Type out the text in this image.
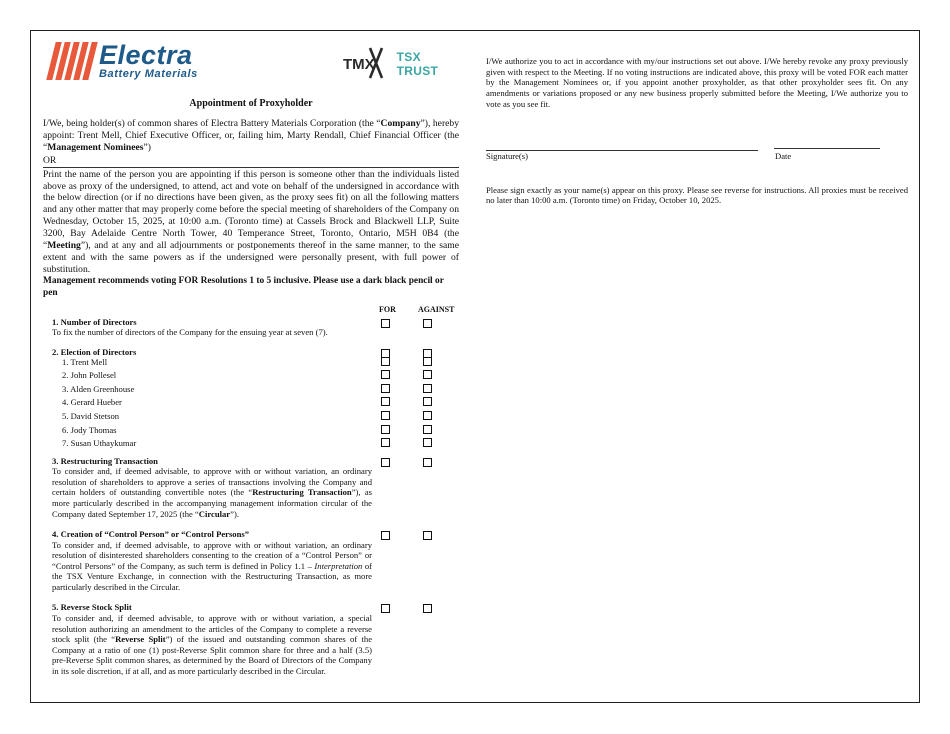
Electra
Battery Materials
TMX TSX TRUST
Appointment of Proxyholder
I/We, being holder(s) of common shares of Electra Battery Materials Corporation (the “Company”), hereby appoint: Trent Mell, Chief Executive Officer, or, failing him, Marty Rendall, Chief Financial Officer (the “Management Nominees”)
OR
Print the name of the person you are appointing if this person is someone other than the individuals listed above as proxy of the undersigned, to attend, act and vote on behalf of the undersigned in accordance with the below direction (or if no directions have been given, as the proxy sees fit) on all the following matters and any other matter that may properly come before the special meeting of shareholders of the Company on Wednesday, October 15, 2025, at 10:00 a.m. (Toronto time) at Cassels Brock and Blackwell LLP, Suite 3200, Bay Adelaide Centre North Tower, 40 Temperance Street, Toronto, Ontario, M5H 0B4 (the “Meeting”), and at any and all adjournments or postponements thereof in the same manner, to the same extent and with the same powers as if the undersigned were personally present, with full power of substitution.
Management recommends voting FOR Resolutions 1 to 5 inclusive. Please use a dark black pencil or pen
FOR	AGAINST
1. Number of Directors
To fix the number of directors of the Company for the ensuing year at seven (7).
2. Election of Directors
1. Trent Mell
2. John Pollesel
3. Alden Greenhouse
4. Gerard Hueber
5. David Stetson
6. Jody Thomas
7. Susan Uthaykumar
3. Restructuring Transaction
To consider and, if deemed advisable, to approve with or without variation, an ordinary resolution of shareholders to approve a series of transactions involving the Company and certain holders of outstanding convertible notes (the “Restructuring Transaction”), as more particularly described in the accompanying management information circular of the Company dated September 17, 2025 (the “Circular”).
4. Creation of “Control Person” or “Control Persons”
To consider and, if deemed advisable, to approve with or without variation, an ordinary resolution of disinterested shareholders consenting to the creation of a “Control Person” or “Control Persons” of the Company, as such term is defined in Policy 1.1 – Interpretation of the TSX Venture Exchange, in connection with the Restructuring Transaction, as more particularly described in the Circular.
5. Reverse Stock Split
To consider and, if deemed advisable, to approve with or without variation, a special resolution authorizing an amendment to the articles of the Company to complete a reverse stock split (the “Reverse Split”) of the issued and outstanding common shares of the Company at a ratio of one (1) post-Reverse Split common share for three and a half (3.5) pre-Reverse Split common shares, as determined by the Board of Directors of the Company in its sole discretion, if at all, and as more particularly described in the Circular.
I/We authorize you to act in accordance with my/our instructions set out above. I/We hereby revoke any proxy previously given with respect to the Meeting. If no voting instructions are indicated above, this proxy will be voted FOR each matter by the Management Nominees or, if you appoint another proxyholder, as that other proxyholder sees fit. On any amendments or variations proposed or any new business properly submitted before the Meeting, I/We authorize you to vote as you see fit.
Signature(s)	Date
Please sign exactly as your name(s) appear on this proxy. Please see reverse for instructions. All proxies must be received no later than 10:00 a.m. (Toronto time) on Friday, October 10, 2025.
